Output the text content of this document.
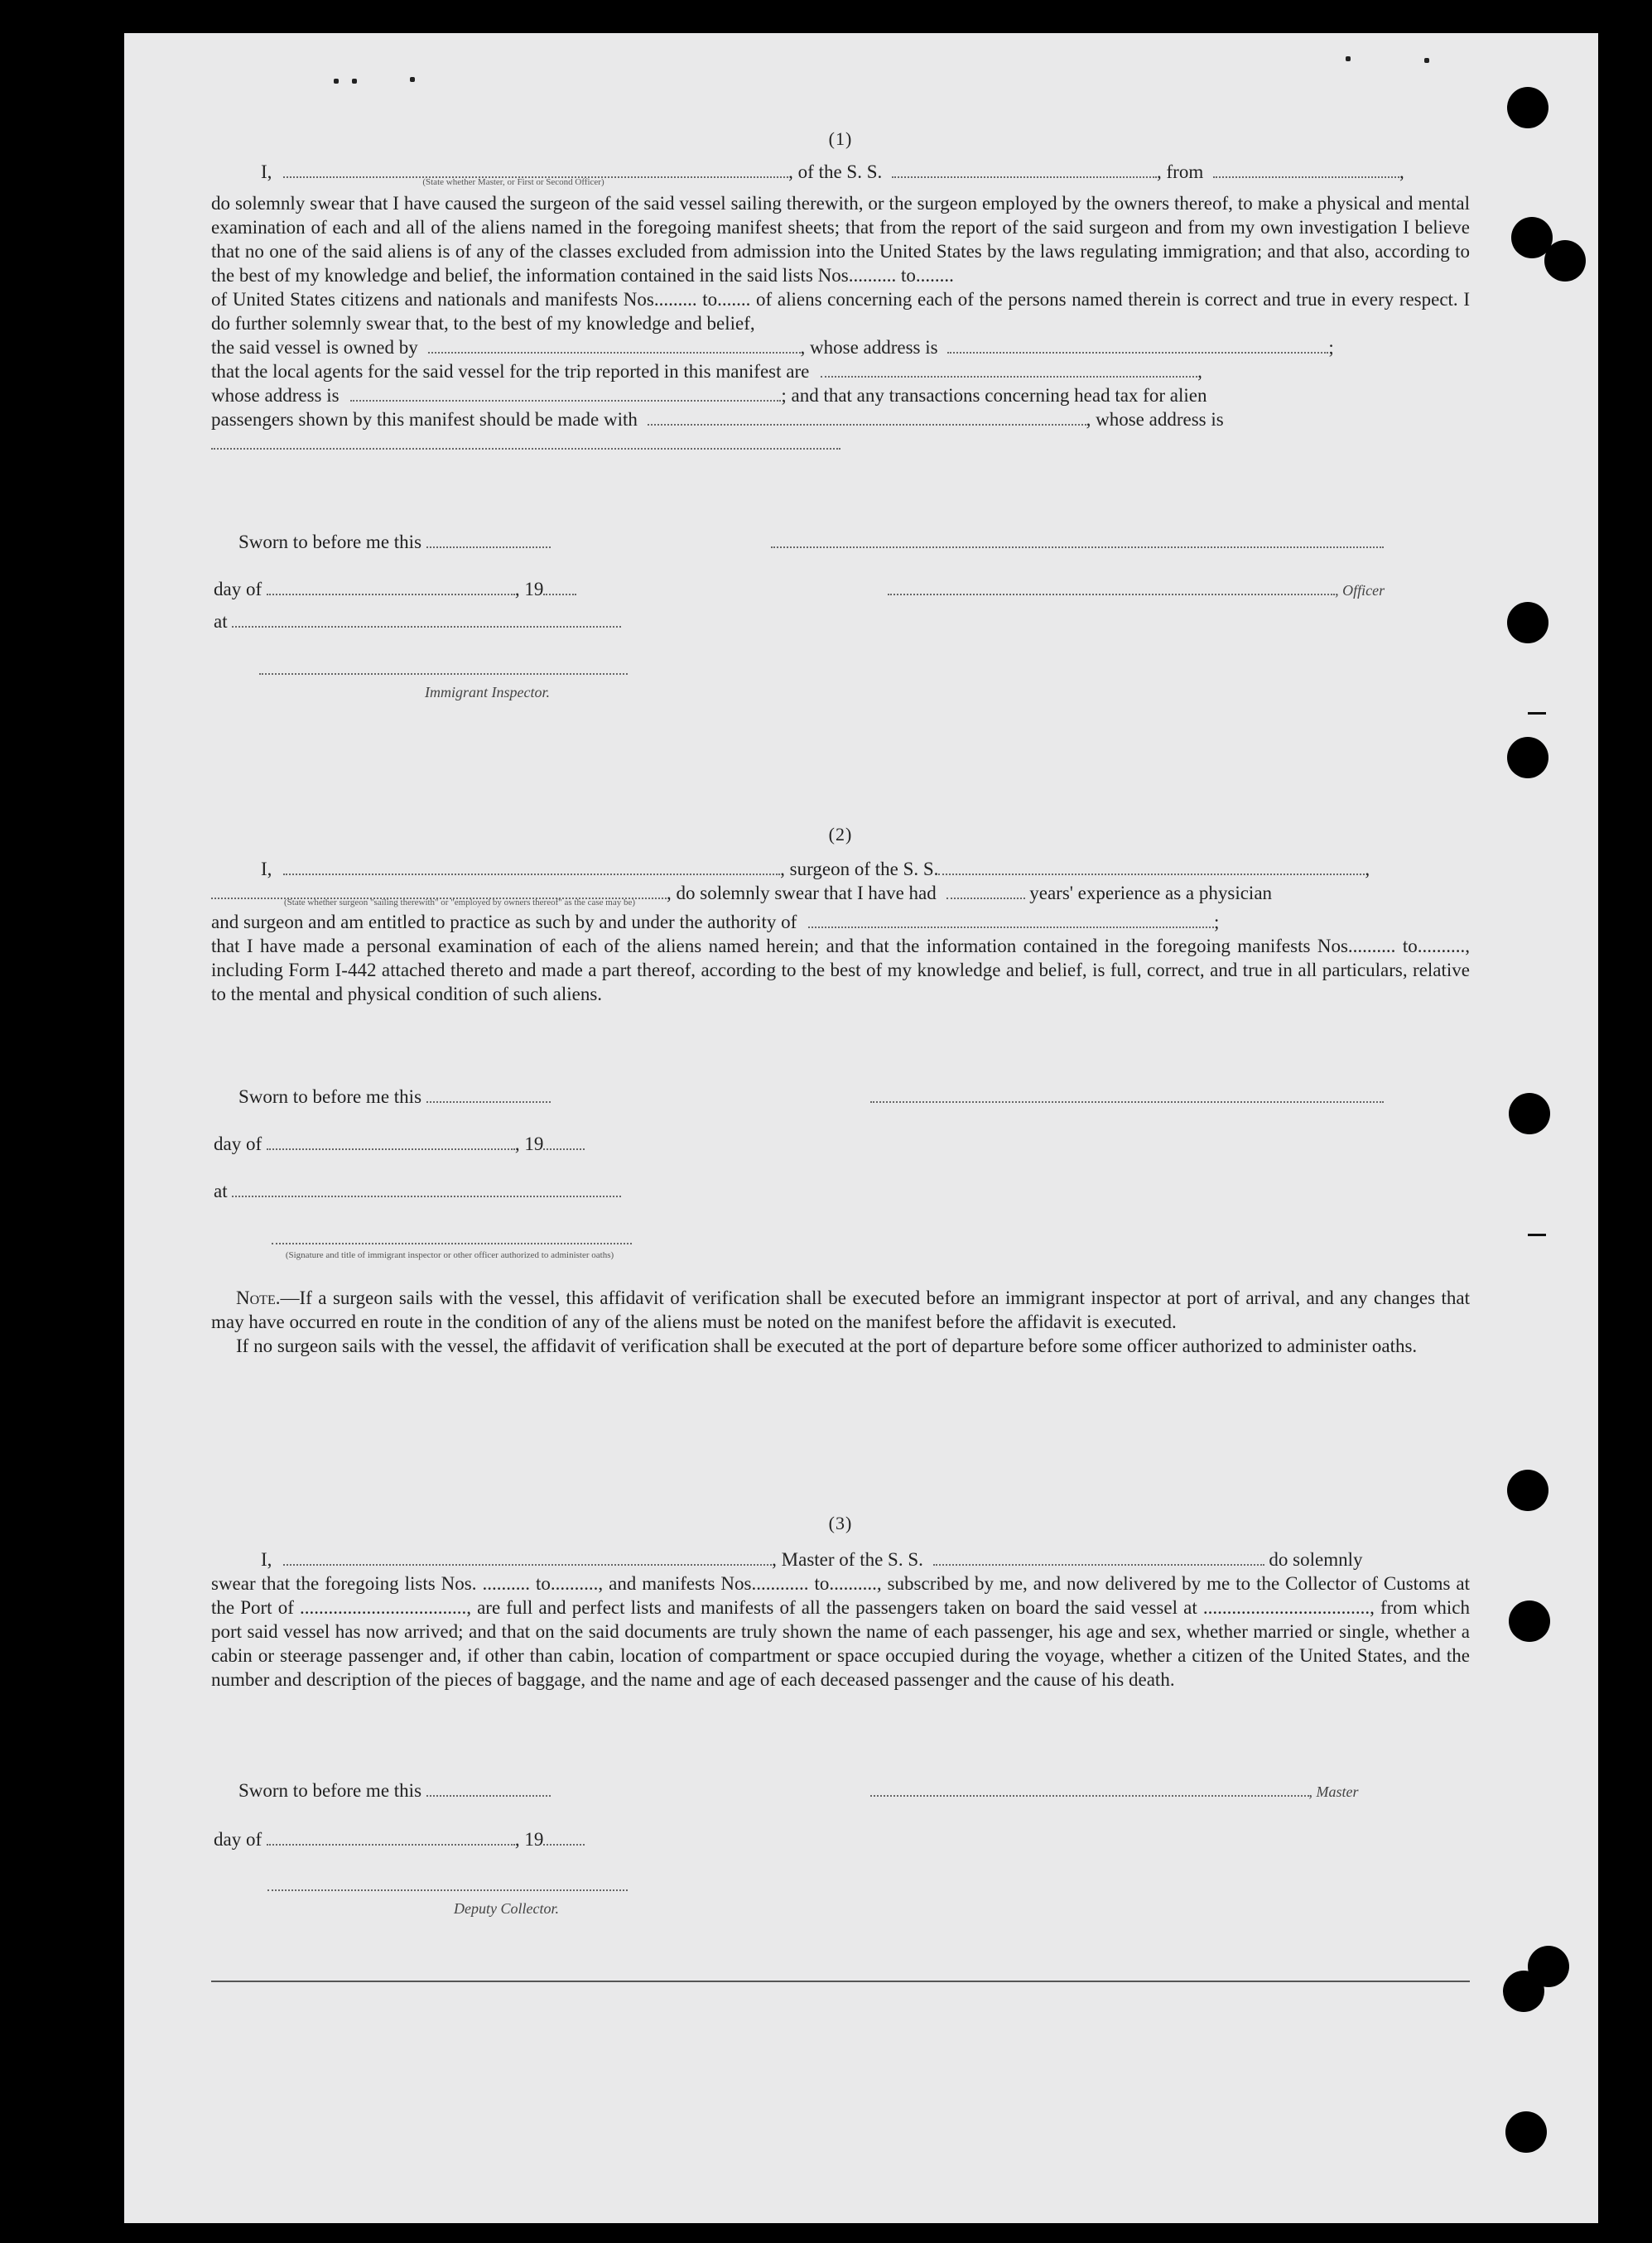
(1)
I,	, of the S. S.	, from	,
(State whether Master, or First or Second Officer)
do solemnly swear that I have caused the surgeon of the said vessel sailing therewith, or the surgeon employed by the owners thereof, to make a physical and mental examination of each and all of the aliens named in the foregoing manifest sheets; that from the report of the said surgeon and from my own investigation I believe that no one of the said aliens is of any of the classes excluded from admission into the United States by the laws regulating immigration; and that also, according to the best of my knowledge and belief, the information contained in the said lists Nos.......... to........
of United States citizens and nationals and manifests Nos......... to....... of aliens concerning each of the persons named therein is correct and true in every respect. I do further solemnly swear that, to the best of my knowledge and belief,
the said vessel is owned by	, whose address is	;
that the local agents for the said vessel for the trip reported in this manifest are	,
whose address is	; and that any transactions concerning head tax for alien
passengers shown by this manifest should be made with	, whose address is
Sworn to before me this
day of	, 19	, Officer
at
Immigrant Inspector.
(2)
I,	, surgeon of the S. S.	,
, do solemnly swear that I have had	years' experience as a physician
(State whether surgeon "sailing therewith" or "employed by owners thereof" as the case may be)
and surgeon and am entitled to practice as such by and under the authority of	;
that I have made a personal examination of each of the aliens named herein; and that the information contained in the foregoing manifests Nos.......... to.........., including Form I-442 attached thereto and made a part thereof, according to the best of my knowledge and belief, is full, correct, and true in all particulars, relative to the mental and physical condition of such aliens.
Sworn to before me this
day of	, 19
at
(Signature and title of immigrant inspector or other officer authorized to administer oaths)
Note.—If a surgeon sails with the vessel, this affidavit of verification shall be executed before an immigrant inspector at port of arrival, and any changes that may have occurred en route in the condition of any of the aliens must be noted on the manifest before the affidavit is executed.
If no surgeon sails with the vessel, the affidavit of verification shall be executed at the port of departure before some officer authorized to administer oaths.
(3)
I,	, Master of the S. S.	do solemnly
swear that the foregoing lists Nos. .......... to.........., and manifests Nos............ to.........., subscribed by me, and now delivered by me to the Collector of Customs at the Port of ..................................., are full and perfect lists and manifests of all the passengers taken on board the said vessel at ..................................., from which port said vessel has now arrived; and that on the said documents are truly shown the name of each passenger, his age and sex, whether married or single, whether a cabin or steerage passenger and, if other than cabin, location of compartment or space occupied during the voyage, whether a citizen of the United States, and the number and description of the pieces of baggage, and the name and age of each deceased passenger and the cause of his death.
Sworn to before me this	, Master
day of	, 19
Deputy Collector.
